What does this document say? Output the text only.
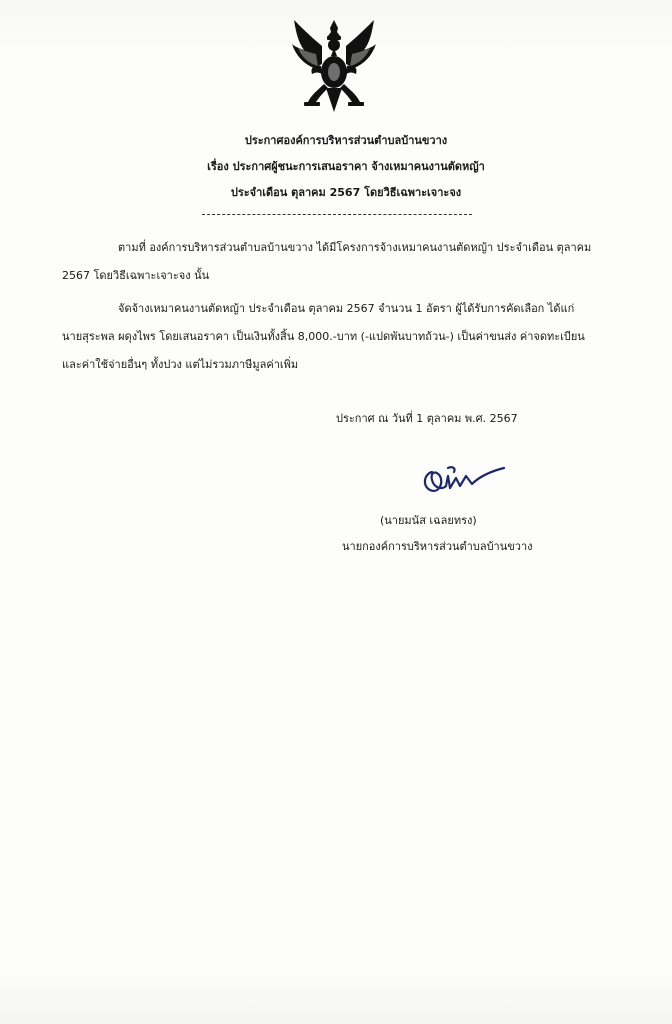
ประกาศองค์การบริหารส่วนตำบลบ้านขวาง
เรื่อง ประกาศผู้ชนะการเสนอราคา จ้างเหมาคนงานตัดหญ้า
ประจำเดือน ตุลาคม 2567 โดยวิธีเฉพาะเจาะจง
ตามที่ องค์การบริหารส่วนตำบลบ้านขวาง ได้มีโครงการจ้างเหมาคนงานตัดหญ้า ประจำเดือน ตุลาคม
2567 โดยวิธีเฉพาะเจาะจง นั้น
จัดจ้างเหมาคนงานตัดหญ้า ประจำเดือน ตุลาคม 2567 จำนวน 1 อัตรา ผู้ได้รับการคัดเลือก ได้แก่
นายสุระพล ผดุงไพร โดยเสนอราคา เป็นเงินทั้งสิ้น 8,000.-บาท (-แปดพันบาทถ้วน-) เป็นค่าขนส่ง ค่าจดทะเบียน
และค่าใช้จ่ายอื่นๆ ทั้งปวง แต่ไม่รวมภาษีมูลค่าเพิ่ม
ประกาศ ณ วันที่ 1 ตุลาคม พ.ศ. 2567
(นายมนัส เฉลยทรง)
นายกองค์การบริหารส่วนตำบลบ้านขวาง
